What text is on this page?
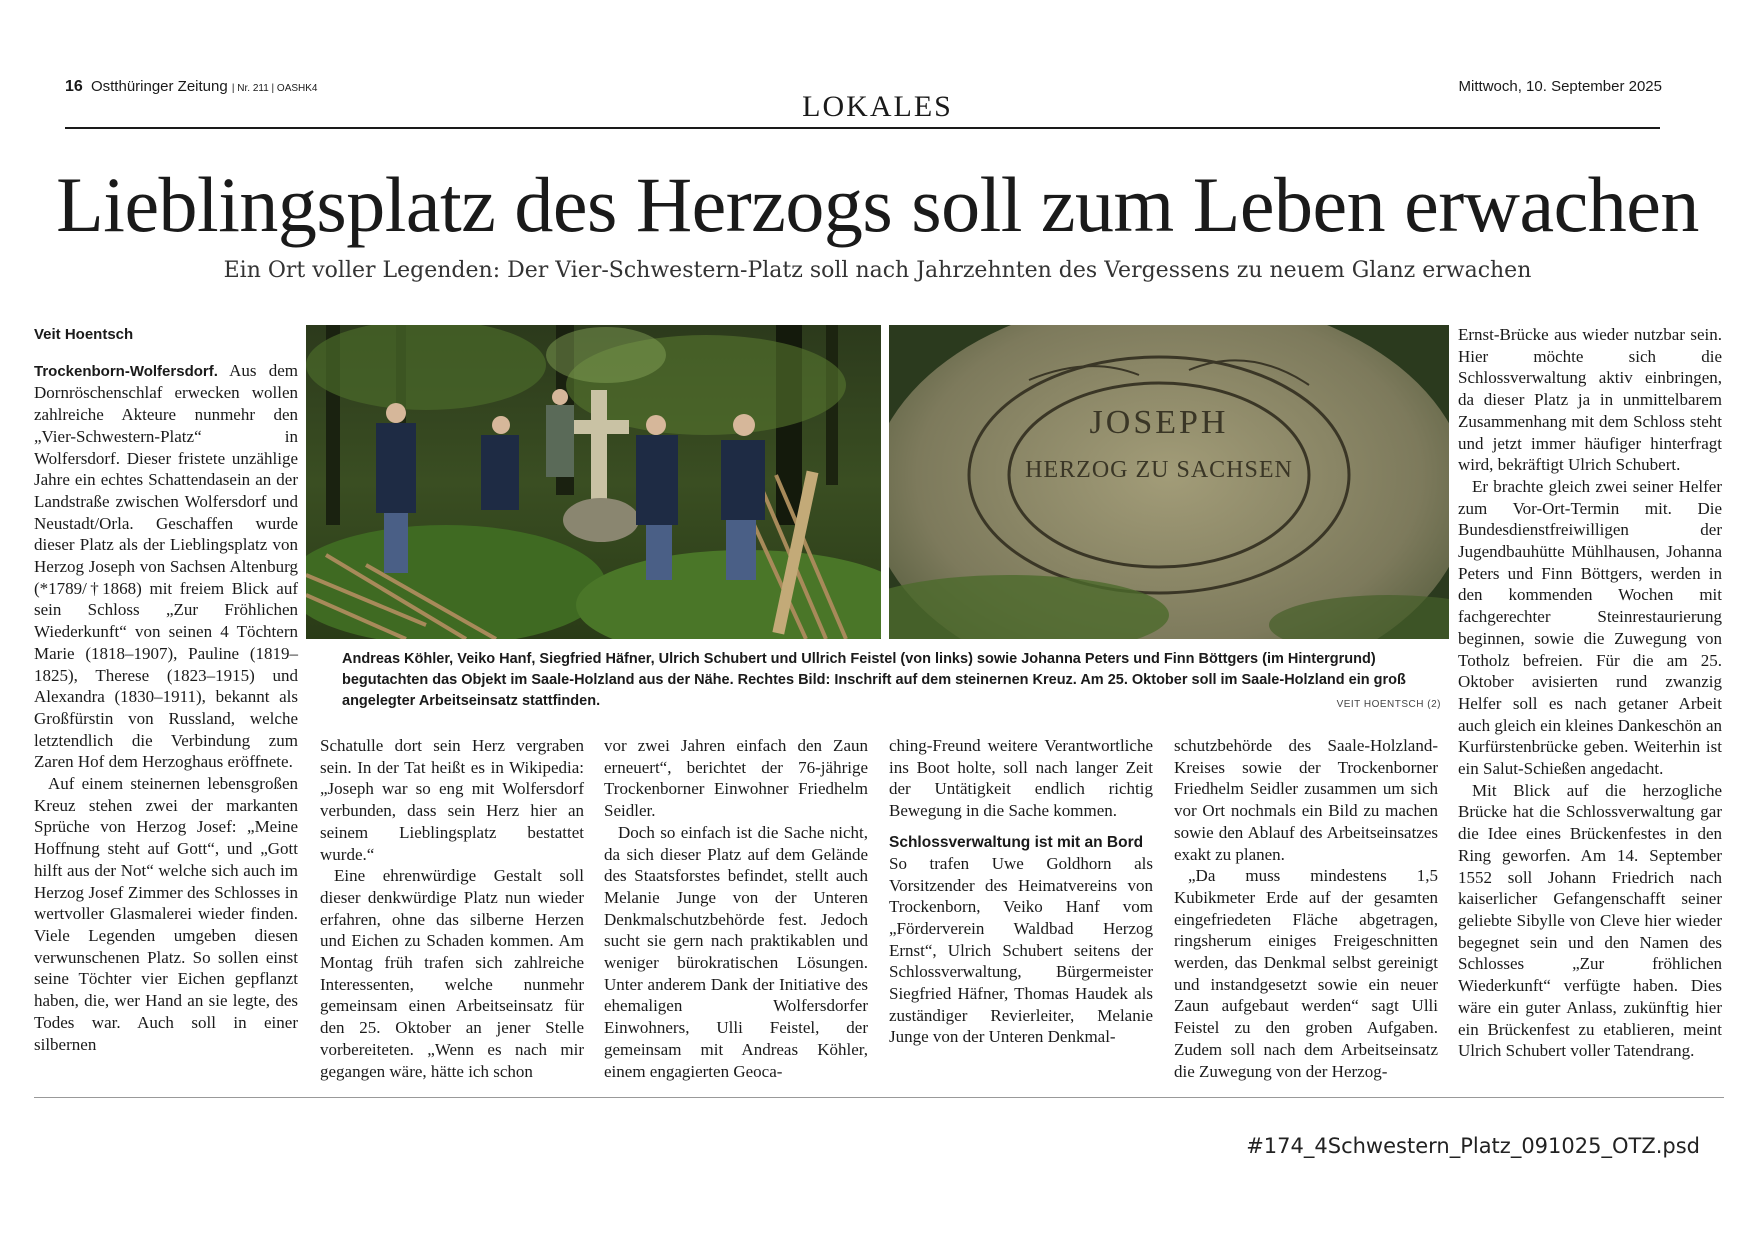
16 Ostthüringer Zeitung | Nr. 211 | OASHK4
LOKALES
Mittwoch, 10. September 2025
Lieblingsplatz des Herzogs soll zum Leben erwachen
Ein Ort voller Legenden: Der Vier-Schwestern-Platz soll nach Jahrzehnten des Vergessens zu neuem Glanz erwachen

Veit Hoentsch

Trockenborn-Wolfersdorf. Aus dem Dornröschenschlaf erwecken wollen zahlreiche Akteure nunmehr den „Vier-Schwestern-Platz“ in Wolfersdorf. Dieser fristete unzählige Jahre ein echtes Schattendasein an der Landstraße zwischen Wolfersdorf und Neustadt/Orla. Geschaffen wurde dieser Platz als der Lieblingsplatz von Herzog Joseph von Sachsen Altenburg (*1789/†1868) mit freiem Blick auf sein Schloss „Zur Fröhlichen Wiederkunft“ von seinen 4 Töchtern Marie (1818–1907), Pauline (1819–1825), Therese (1823–1915) und Alexandra (1830–1911), bekannt als Großfürstin von Russland, welche letztendlich die Verbindung zum Zaren Hof dem Herzoghaus eröffnete.

Auf einem steinernen lebensgroßen Kreuz stehen zwei der markanten Sprüche von Herzog Josef: „Meine Hoffnung steht auf Gott“, und „Gott hilft aus der Not“ welche sich auch im Herzog Josef Zimmer des Schlosses in wertvoller Glasmalerei wieder finden. Viele Legenden umgeben diesen verwunschenen Platz. So sollen einst seine Töchter vier Eichen gepflanzt haben, die, wer Hand an sie legte, des Todes war. Auch soll in einer silbernen

JOSEPH
HERZOG ZU SACHSEN
Andreas Köhler, Veiko Hanf, Siegfried Häfner, Ulrich Schubert und Ullrich Feistel (von links) sowie Johanna Peters und Finn Böttgers (im Hintergrund) begutachten das Objekt im Saale-Holzland aus der Nähe. Rechtes Bild: Inschrift auf dem steinernen Kreuz. Am 25. Oktober soll im Saale-Holzland ein groß angelegter Arbeitseinsatz stattfinden.	VEIT HOENTSCH (2)

Schatulle dort sein Herz vergraben sein. In der Tat heißt es in Wikipedia: „Joseph war so eng mit Wolfersdorf verbunden, dass sein Herz hier an seinem Lieblingsplatz bestattet wurde.“

Eine ehrenwürdige Gestalt soll dieser denkwürdige Platz nun wieder erfahren, ohne das silberne Herzen und Eichen zu Schaden kommen. Am Montag früh trafen sich zahlreiche Interessenten, welche nunmehr gemeinsam einen Arbeitseinsatz für den 25. Oktober an jener Stelle vorbereiteten. „Wenn es nach mir gegangen wäre, hätte ich schon

vor zwei Jahren einfach den Zaun erneuert“, berichtet der 76-jährige Trockenborner Einwohner Friedhelm Seidler.

Doch so einfach ist die Sache nicht, da sich dieser Platz auf dem Gelände des Staatsforstes befindet, stellt auch Melanie Junge von der Unteren Denkmalschutzbehörde fest. Jedoch sucht sie gern nach praktikablen und weniger bürokratischen Lösungen. Unter anderem Dank der Initiative des ehemaligen Wolfersdorfer Einwohners, Ulli Feistel, der gemeinsam mit Andreas Köhler, einem engagierten Geoca-

ching-Freund weitere Verantwortliche ins Boot holte, soll nach langer Zeit der Untätigkeit endlich richtig Bewegung in die Sache kommen.

Schlossverwaltung ist mit an Bord

So trafen Uwe Goldhorn als Vorsitzender des Heimatvereins von Trockenborn, Veiko Hanf vom „Förderverein Waldbad Herzog Ernst“, Ulrich Schubert seitens der Schlossverwaltung, Bürgermeister Siegfried Häfner, Thomas Haudek als zuständiger Revierleiter, Melanie Junge von der Unteren Denkmal-

schutzbehörde des Saale-Holzland-Kreises sowie der Trockenborner Friedhelm Seidler zusammen um sich vor Ort nochmals ein Bild zu machen sowie den Ablauf des Arbeitseinsatzes exakt zu planen.

„Da muss mindestens 1,5 Kubikmeter Erde auf der gesamten eingefriedeten Fläche abgetragen, ringsherum einiges Freigeschnitten werden, das Denkmal selbst gereinigt und instandgesetzt sowie ein neuer Zaun aufgebaut werden“ sagt Ulli Feistel zu den groben Aufgaben. Zudem soll nach dem Arbeitseinsatz die Zuwegung von der Herzog-

Ernst-Brücke aus wieder nutzbar sein. Hier möchte sich die Schlossverwaltung aktiv einbringen, da dieser Platz ja in unmittelbarem Zusammenhang mit dem Schloss steht und jetzt immer häufiger hinterfragt wird, bekräftigt Ulrich Schubert.

Er brachte gleich zwei seiner Helfer zum Vor-Ort-Termin mit. Die Bundesdienstfreiwilligen der Jugendbauhütte Mühlhausen, Johanna Peters und Finn Böttgers, werden in den kommenden Wochen mit fachgerechter Steinrestaurierung beginnen, sowie die Zuwegung von Totholz befreien. Für die am 25. Oktober avisierten rund zwanzig Helfer soll es nach getaner Arbeit auch gleich ein kleines Dankeschön an Kurfürstenbrücke geben. Weiterhin ist ein Salut-Schießen angedacht.

Mit Blick auf die herzogliche Brücke hat die Schlossverwaltung gar die Idee eines Brückenfestes in den Ring geworfen. Am 14. September 1552 soll Johann Friedrich nach kaiserlicher Gefangenschafft seiner geliebte Sibylle von Cleve hier wieder begegnet sein und den Namen des Schlosses „Zur fröhlichen Wiederkunft“ verfügte haben. Dies wäre ein guter Anlass, zukünftig hier ein Brückenfest zu etablieren, meint Ulrich Schubert voller Tatendrang.

#174_4Schwestern_Platz_091025_OTZ.psd
